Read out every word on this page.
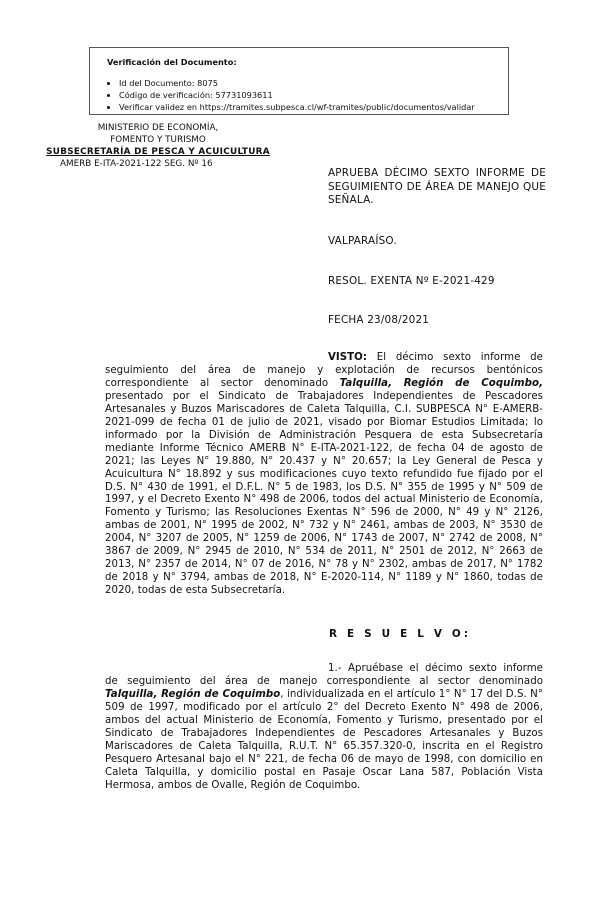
Verificación del Documento:
• Id del Documento: 8075
• Código de verificación: 57731093611
• Verificar validez en https://tramites.subpesca.cl/wf-tramites/public/documentos/validar
MINISTERIO DE ECONOMÍA,
FOMENTO Y TURISMO
SUBSECRETARÍA DE PESCA Y ACUICULTURA
AMERB E-ITA-2021-122 SEG. Nº 16
APRUEBA DÉCIMO SEXTO INFORME DE SEGUIMIENTO DE ÁREA DE MANEJO QUE SEÑALA.
VALPARAÍSO.
RESOL. EXENTA Nº E-2021-429
FECHA 23/08/2021
VISTO: El décimo sexto informe de seguimiento del área de manejo y explotación de recursos bentónicos correspondiente al sector denominado Talquilla, Región de Coquimbo, presentado por el Sindicato de Trabajadores Independientes de Pescadores Artesanales y Buzos Mariscadores de Caleta Talquilla, C.I. SUBPESCA N° E-AMERB-2021-099 de fecha 01 de julio de 2021, visado por Biomar Estudios Limitada; lo informado por la División de Administración Pesquera de esta Subsecretaría mediante Informe Técnico AMERB N° E-ITA-2021-122, de fecha 04 de agosto de 2021; las Leyes N° 19.880, N° 20.437 y N° 20.657; la Ley General de Pesca y Acuicultura N° 18.892 y sus modificaciones cuyo texto refundido fue fijado por el D.S. N° 430 de 1991, el D.F.L. N° 5 de 1983, los D.S. N° 355 de 1995 y N° 509 de 1997, y el Decreto Exento N° 498 de 2006, todos del actual Ministerio de Economía, Fomento y Turismo; las Resoluciones Exentas N° 596 de 2000, N° 49 y N° 2126, ambas de 2001, N° 1995 de 2002, N° 732 y N° 2461, ambas de 2003, N° 3530 de 2004, N° 3207 de 2005, N° 1259 de 2006, N° 1743 de 2007, N° 2742 de 2008, N° 3867 de 2009, N° 2945 de 2010, N° 534 de 2011, N° 2501 de 2012, N° 2663 de 2013, N° 2357 de 2014, N° 07 de 2016, N° 78 y N° 2302, ambas de 2017, N° 1782 de 2018 y N° 3794, ambas de 2018, N° E-2020-114, N° 1189 y N° 1860, todas de 2020, todas de esta Subsecretaría.
R E S U E L V O:
1.- Apruébase el décimo sexto informe de seguimiento del área de manejo correspondiente al sector denominado Talquilla, Región de Coquimbo, individualizada en el artículo 1° N° 17 del D.S. N° 509 de 1997, modificado por el artículo 2° del Decreto Exento N° 498 de 2006, ambos del actual Ministerio de Economía, Fomento y Turismo, presentado por el Sindicato de Trabajadores Independientes de Pescadores Artesanales y Buzos Mariscadores de Caleta Talquilla, R.U.T. N° 65.357.320-0, inscrita en el Registro Pesquero Artesanal bajo el N° 221, de fecha 06 de mayo de 1998, con domicilio en Caleta Talquilla, y domicilio postal en Pasaje Oscar Lana 587, Población Vista Hermosa, ambos de Ovalle, Región de Coquimbo.
